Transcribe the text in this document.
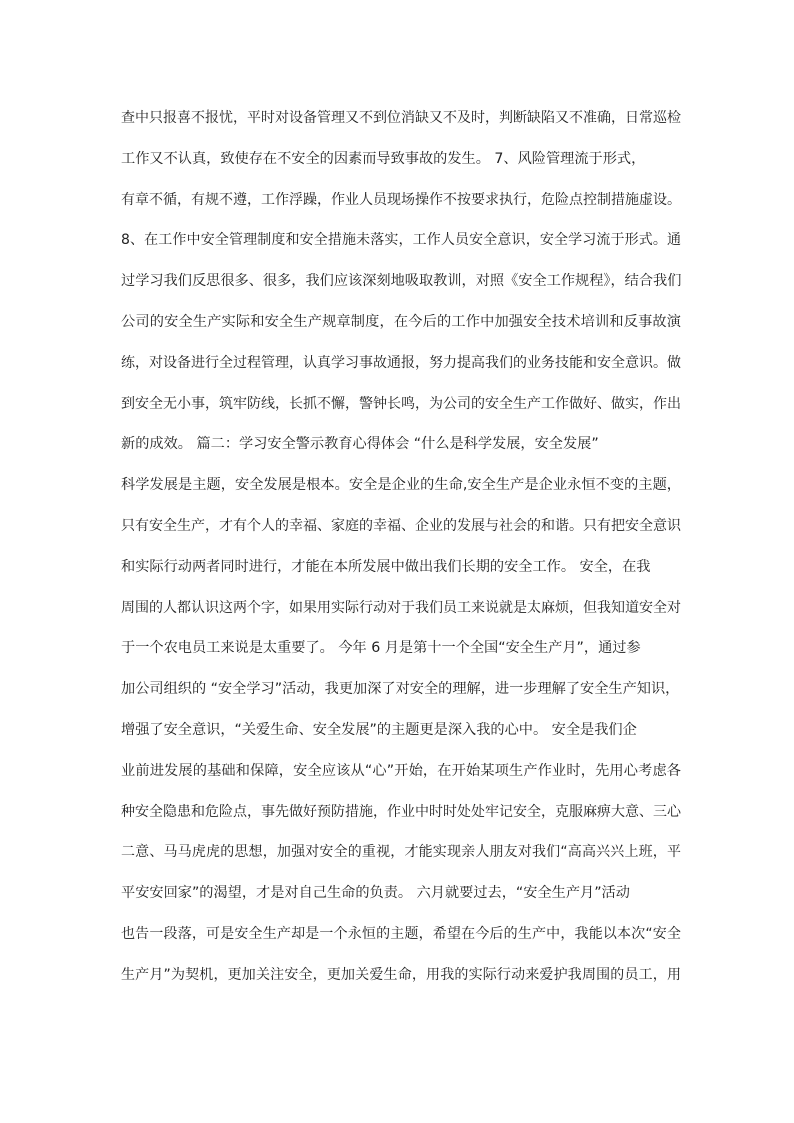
查中只报喜不报忧，平时对设备管理又不到位消缺又不及时，判断缺陷又不准确，日常巡检
工作又不认真，致使存在不安全的因素而导致事故的发生。 7、风险管理流于形式，
有章不循，有规不遵，工作浮躁，作业人员现场操作不按要求执行，危险点控制措施虚设。
8、在工作中安全管理制度和安全措施未落实，工作人员安全意识，安全学习流于形式。通
过学习我们反思很多、很多，我们应该深刻地吸取教训，对照《安全工作规程》，结合我们
公司的安全生产实际和安全生产规章制度，在今后的工作中加强安全技术培训和反事故演
练，对设备进行全过程管理，认真学习事故通报，努力提高我们的业务技能和安全意识。做
到安全无小事，筑牢防线，长抓不懈，警钟长鸣，为公司的安全生产工作做好、做实，作出
新的成效。 篇二：学习安全警示教育心得体会 “什么是科学发展，安全发展”
科学发展是主题，安全发展是根本。安全是企业的生命,安全生产是企业永恒不变的主题，
只有安全生产，才有个人的幸福、家庭的幸福、企业的发展与社会的和谐。只有把安全意识
和实际行动两者同时进行，才能在本所发展中做出我们长期的安全工作。 安全，在我
周围的人都认识这两个字，如果用实际行动对于我们员工来说就是太麻烦，但我知道安全对
于一个农电员工来说是太重要了。 今年 6 月是第十一个全国“安全生产月”，通过参
加公司组织的 “安全学习”活动，我更加深了对安全的理解，进一步理解了安全生产知识，
增强了安全意识，“关爱生命、安全发展”的主题更是深入我的心中。 安全是我们企
业前进发展的基础和保障，安全应该从“心”开始，在开始某项生产作业时，先用心考虑各
种安全隐患和危险点，事先做好预防措施，作业中时时处处牢记安全，克服麻痹大意、三心
二意、马马虎虎的思想，加强对安全的重视，才能实现亲人朋友对我们“高高兴兴上班，平
平安安回家”的渴望，才是对自己生命的负责。 六月就要过去，“安全生产月”活动
也告一段落，可是安全生产却是一个永恒的主题，希望在今后的生产中，我能以本次“安全
生产月”为契机，更加关注安全，更加关爱生命，用我的实际行动来爱护我周围的员工，用
